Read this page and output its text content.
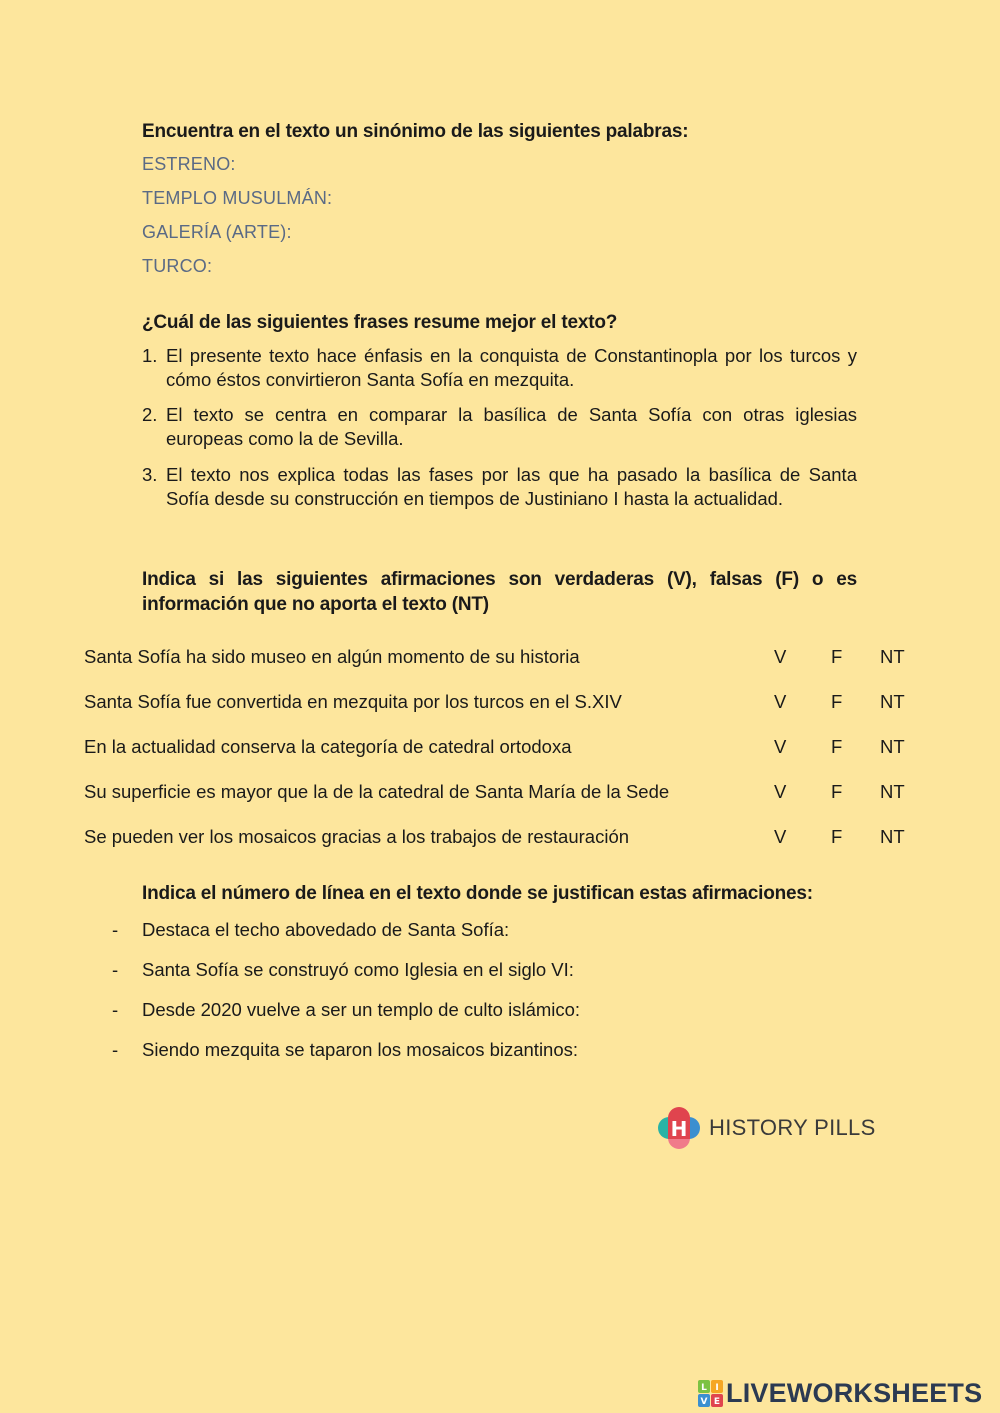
Encuentra en el texto un sinónimo de las siguientes palabras:
ESTRENO:
TEMPLO MUSULMÁN:
GALERÍA (ARTE):
TURCO:
¿Cuál de las siguientes frases resume mejor el texto?
1. El presente texto hace énfasis en la conquista de Constantinopla por los turcos y cómo éstos convirtieron Santa Sofía en mezquita.
2. El texto se centra en comparar la basílica de Santa Sofía con otras iglesias europeas como la de Sevilla.
3. El texto nos explica todas las fases por las que ha pasado la basílica de Santa Sofía desde su construcción en tiempos de Justiniano I hasta la actualidad.
Indica si las siguientes afirmaciones son verdaderas (V), falsas (F) o es información que no aporta el texto (NT)
Santa Sofía ha sido museo en algún momento de su historia	V F NT
Santa Sofía fue convertida en mezquita por los turcos en el S.XIV	V F NT
En la actualidad conserva la categoría de catedral ortodoxa	V F NT
Su superficie es mayor que la de la catedral de Santa María de la Sede	V F NT
Se pueden ver los mosaicos gracias a los trabajos de restauración	V F NT
Indica el número de línea en el texto donde se justifican estas afirmaciones:
- Destaca el techo abovedado de Santa Sofía:
- Santa Sofía se construyó como Iglesia en el siglo VI:
- Desde 2020 vuelve a ser un templo de culto islámico:
- Siendo mezquita se taparon los mosaicos bizantinos:
H HISTORY PILLS
L I
V E LIVEWORKSHEETS
